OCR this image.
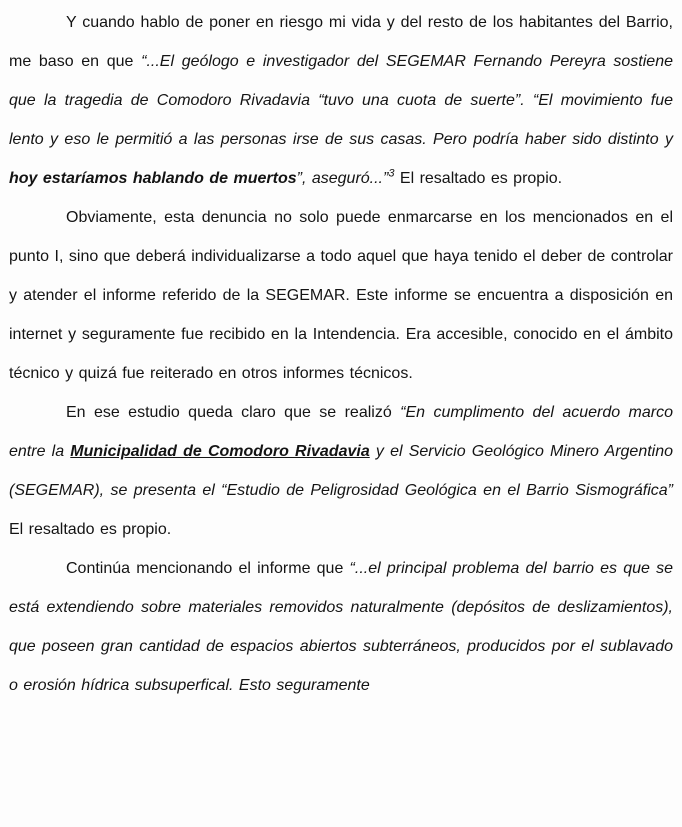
Y cuando hablo de poner en riesgo mi vida y del resto de los habitantes del Barrio, me baso en que “...El geólogo e investigador del SEGEMAR Fernando Pereyra sostiene que la tragedia de Comodoro Rivadavia “tuvo una cuota de suerte”. “El movimiento fue lento y eso le permitió a las personas irse de sus casas. Pero podría haber sido distinto y hoy estaríamos hablando de muertos”, aseguró...”$^3$ El resaltado es propio.

Obviamente, esta denuncia no solo puede enmarcarse en los mencionados en el punto I, sino que deberá individualizarse a todo aquel que haya tenido el deber de controlar y atender el informe referido de la SEGEMAR. Este informe se encuentra a disposición en internet y seguramente fue recibido en la Intendencia. Era accesible, conocido en el ámbito técnico y quizá fue reiterado en otros informes técnicos.

En ese estudio queda claro que se realizó “En cumplimento del acuerdo marco entre la Municipalidad de Comodoro Rivadavia y el Servicio Geológico Minero Argentino (SEGEMAR), se presenta el “Estudio de Peligrosidad Geológica en el Barrio Sismográfica” El resaltado es propio.

Continúa mencionando el informe que “...el principal problema del barrio es que se está extendiendo sobre materiales removidos naturalmente (depósitos de deslizamientos), que poseen gran cantidad de espacios abiertos subterráneos, producidos por el sublavado o erosión hídrica subsuperfical. Esto seguramente
